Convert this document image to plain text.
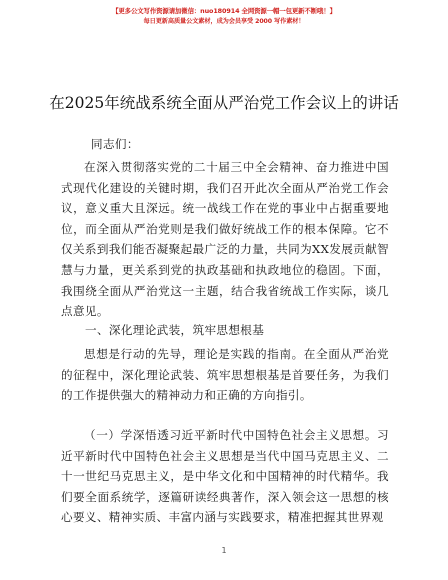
【更多公文写作资源请加微信：nuo180914 全网资源一帽一包更新不断哦！】
每日更新高质量公文素材，成为会员享受 2000 写作素材！
在2025年统战系统全面从严治党工作会议上的讲话
同志们：
在深入贯彻落实党的二十届三中全会精神、奋力推进中国式现代化建设的关键时期，我们召开此次全面从严治党工作会议，意义重大且深远。统一战线工作在党的事业中占据重要地位，而全面从严治党则是我们做好统战工作的根本保障。它不仅关系到我们能否凝聚起最广泛的力量，共同为XX发展贡献智慧与力量，更关系到党的执政基础和执政地位的稳固。下面，我围绕全面从严治党这一主题，结合我省统战工作实际，谈几点意见。
一、深化理论武装，筑牢思想根基
思想是行动的先导，理论是实践的指南。在全面从严治党的征程中，深化理论武装、筑牢思想根基是首要任务，为我们的工作提供强大的精神动力和正确的方向指引。
（一）学深悟透习近平新时代中国特色社会主义思想。习近平新时代中国特色社会主义思想是当代中国马克思主义、二十一世纪马克思主义，是中华文化和中国精神的时代精华。我们要全面系统学，逐篇研读经典著作，深入领会这一思想的核心要义、精神实质、丰富内涵与实践要求，精准把握其世界观
1
